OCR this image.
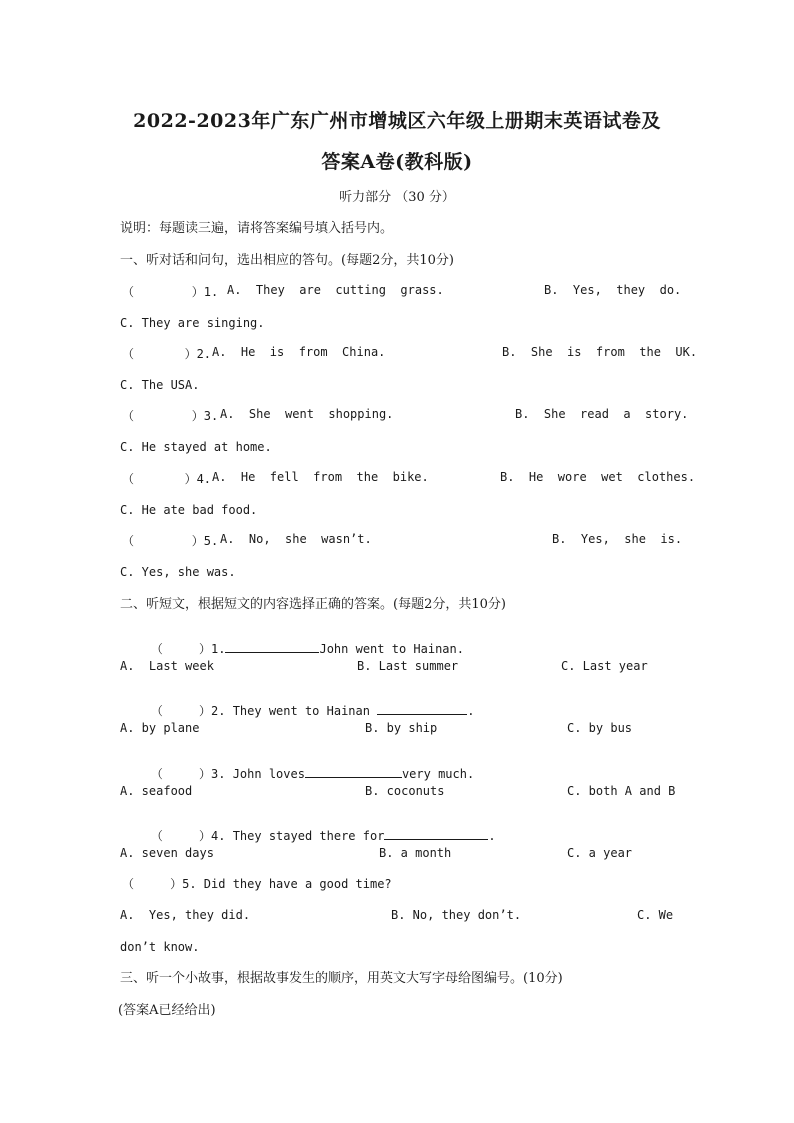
2022-2023年广东广州市增城区六年级上册期末英语试卷及
答案A卷(教科版)
听力部分 （30 分）
说明：每题读三遍，请将答案编号填入括号内。
一、听对话和问句，选出相应的答句。(每题2分，共10分)
（        ）1. A.  They  are  cutting  grass.	B.  Yes,  they  do.
C. They are singing.
（       ）2. A.  He  is  from  China.	B.  She  is  from  the  UK.
C. The USA.
（        ）3. A.  She  went  shopping.	B.  She  read  a  story.
C. He stayed at home.
（       ）4. A.  He  fell  from  the  bike.	B.  He  wore  wet  clothes.
C. He ate bad food.
（        ）5. A.  No,  she  wasn’t.	B.  Yes,  she  is.
C. Yes, she was.
二、听短文，根据短文的内容选择正确的答案。(每题2分，共10分)

（     ）1.	John went to Hainan.

A.  Last week	B. Last summer	C. Last year

（     ）2. They went to Hainan	.

A. by plane	B. by ship	C. by bus

（     ）3. John loves	very much.

A. seafood	B. coconuts	C. both A and B

（     ）4. They stayed there for	.

A. seven days	B. a month	C. a year
（     ）5. Did they have a good time?
A.  Yes, they did.	B. No, they don’t.	C. We
don’t know.
三、听一个小故事，根据故事发生的顺序，用英文大写字母给图编号。(10分)
(答案A已经给出)
